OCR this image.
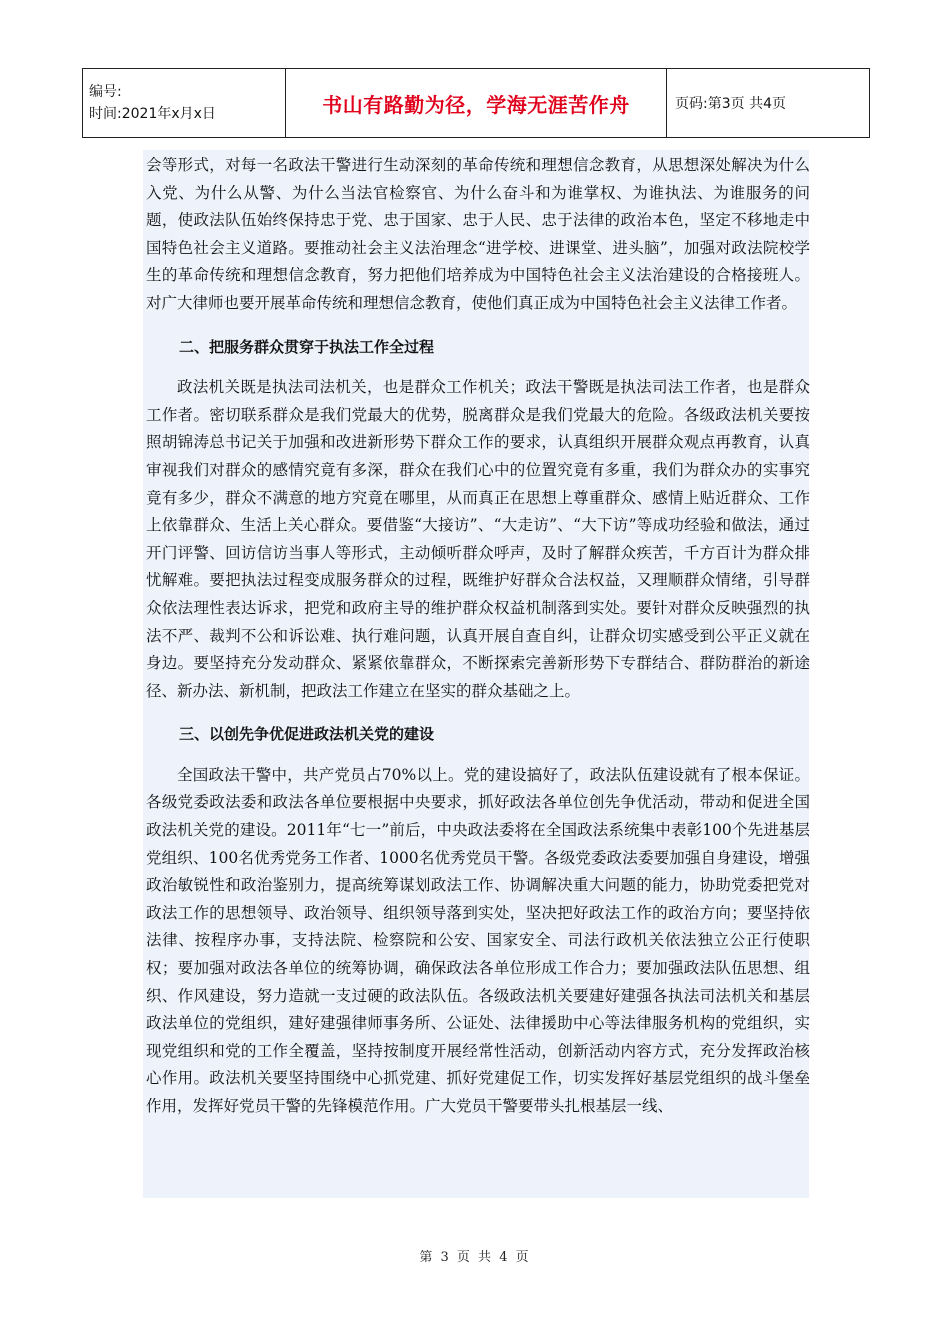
编号:
时间:2021年x月x日	书山有路勤为径，学海无涯苦作舟	页码:第3页 共4页

会等形式，对每一名政法干警进行生动深刻的革命传统和理想信念教育，从思想深处解决为什么入党、为什么从警、为什么当法官检察官、为什么奋斗和为谁掌权、为谁执法、为谁服务的问题，使政法队伍始终保持忠于党、忠于国家、忠于人民、忠于法律的政治本色，坚定不移地走中国特色社会主义道路。要推动社会主义法治理念“进学校、进课堂、进头脑”，加强对政法院校学生的革命传统和理想信念教育，努力把他们培养成为中国特色社会主义法治建设的合格接班人。对广大律师也要开展革命传统和理想信念教育，使他们真正成为中国特色社会主义法律工作者。

二、把服务群众贯穿于执法工作全过程

政法机关既是执法司法机关，也是群众工作机关；政法干警既是执法司法工作者，也是群众工作者。密切联系群众是我们党最大的优势，脱离群众是我们党最大的危险。各级政法机关要按照胡锦涛总书记关于加强和改进新形势下群众工作的要求，认真组织开展群众观点再教育，认真审视我们对群众的感情究竟有多深，群众在我们心中的位置究竟有多重，我们为群众办的实事究竟有多少，群众不满意的地方究竟在哪里，从而真正在思想上尊重群众、感情上贴近群众、工作上依靠群众、生活上关心群众。要借鉴“大接访”、“大走访”、“大下访”等成功经验和做法，通过开门评警、回访信访当事人等形式，主动倾听群众呼声，及时了解群众疾苦，千方百计为群众排忧解难。要把执法过程变成服务群众的过程，既维护好群众合法权益，又理顺群众情绪，引导群众依法理性表达诉求，把党和政府主导的维护群众权益机制落到实处。要针对群众反映强烈的执法不严、裁判不公和诉讼难、执行难问题，认真开展自查自纠，让群众切实感受到公平正义就在身边。要坚持充分发动群众、紧紧依靠群众，不断探索完善新形势下专群结合、群防群治的新途径、新办法、新机制，把政法工作建立在坚实的群众基础之上。

三、以创先争优促进政法机关党的建设

全国政法干警中，共产党员占70%以上。党的建设搞好了，政法队伍建设就有了根本保证。各级党委政法委和政法各单位要根据中央要求，抓好政法各单位创先争优活动，带动和促进全国政法机关党的建设。2011年“七一”前后，中央政法委将在全国政法系统集中表彰100个先进基层党组织、100名优秀党务工作者、1000名优秀党员干警。各级党委政法委要加强自身建设，增强政治敏锐性和政治鉴别力，提高统筹谋划政法工作、协调解决重大问题的能力，协助党委把党对政法工作的思想领导、政治领导、组织领导落到实处，坚决把好政法工作的政治方向；要坚持依法律、按程序办事，支持法院、检察院和公安、国家安全、司法行政机关依法独立公正行使职权；要加强对政法各单位的统筹协调，确保政法各单位形成工作合力；要加强政法队伍思想、组织、作风建设，努力造就一支过硬的政法队伍。各级政法机关要建好建强各执法司法机关和基层政法单位的党组织，建好建强律师事务所、公证处、法律援助中心等法律服务机构的党组织，实现党组织和党的工作全覆盖，坚持按制度开展经常性活动，创新活动内容方式，充分发挥政治核心作用。政法机关要坚持围绕中心抓党建、抓好党建促工作，切实发挥好基层党组织的战斗堡垒作用，发挥好党员干警的先锋模范作用。广大党员干警要带头扎根基层一线、

第 3 页 共 4 页
